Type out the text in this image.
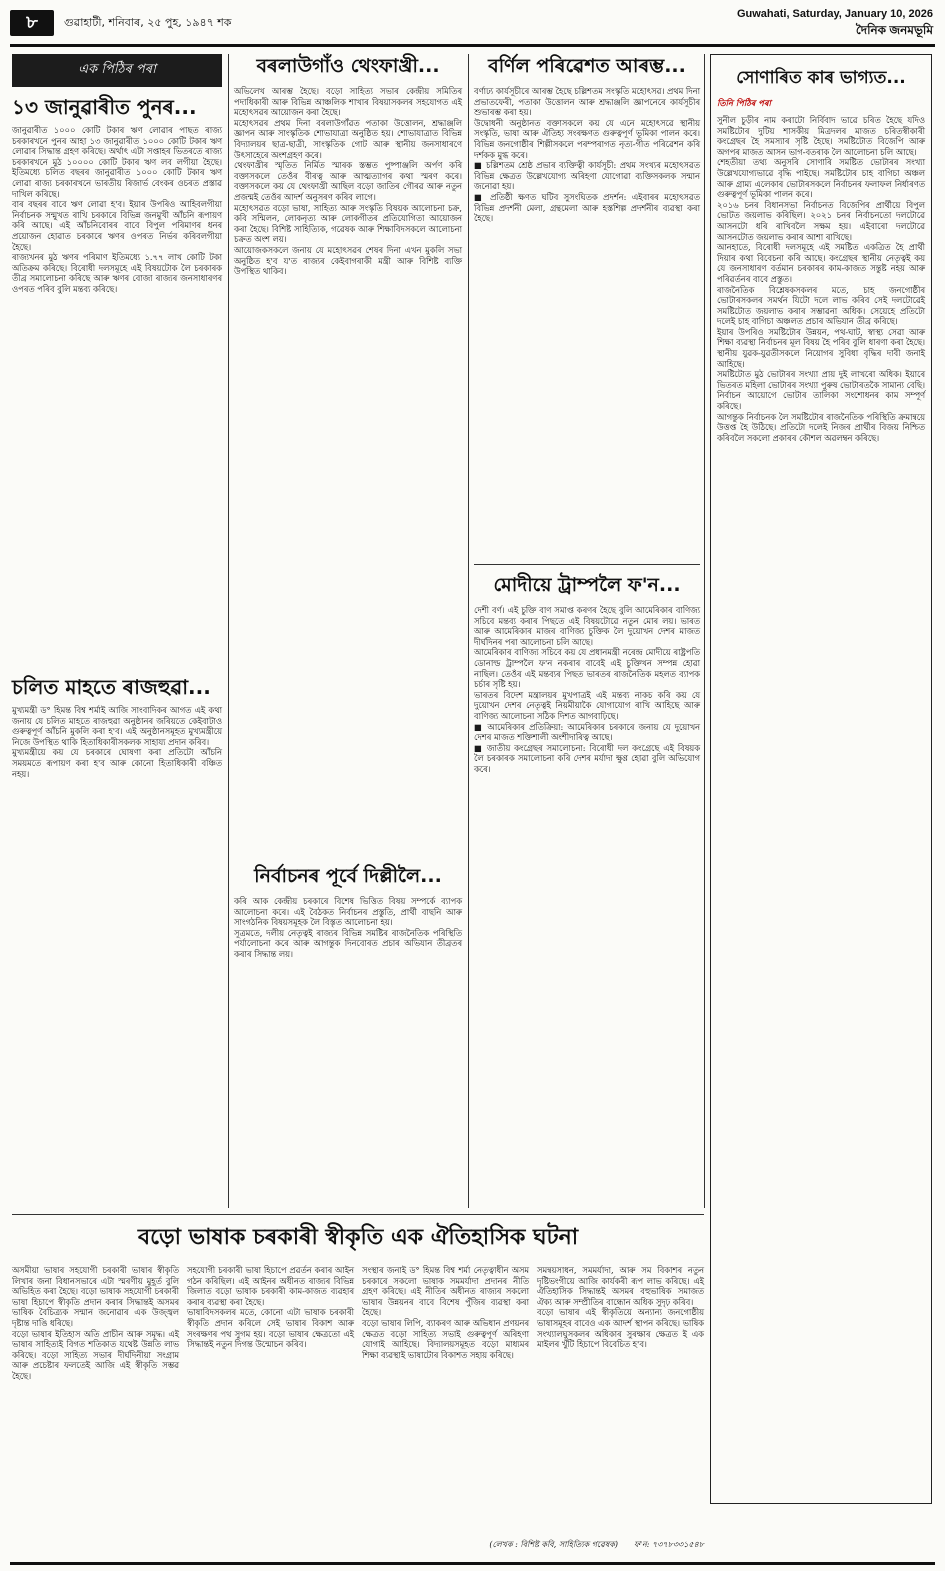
৮	গুৱাহাটী, শনিবাৰ, ২৫ পুহ, ১৯৪৭ শক
Guwahati, Saturday, January 10, 2026
দৈনিক জনমভূমি
এক পিঠিৰ পৰা
১৩ জানুৱাৰীত পুনৰ...
জানুৱাৰীত ১০০০ কোটি টকাৰ ঋণ লোৱাৰ পাছত ৰাজ্য চৰকাৰখনে পুনৰ আহা ১৩ জানুৱাৰীত ১০০০ কোটি টকাৰ ঋণ লোৱাৰ সিদ্ধান্ত গ্ৰহণ কৰিছে। অৰ্থাৎ এটা সপ্তাহৰ ভিতৰতে ৰাজ্য চৰকাৰখনে মুঠ ১০০০০ কোটি টকাৰ ঋণ লব লগীয়া হৈছে। ইতিমধ্যে চলিত বছৰৰ জানুৱাৰীত ১০০০ কোটি টকাৰ ঋণ লোৱা ৰাজ্য চৰকাৰখনে ভাৰতীয় ৰিজাৰ্ভ বেংকৰ ওচৰত প্ৰস্তাৱ দাখিল কৰিছে।
বাৰ বছৰৰ বাবে ঋণ লোৱা হ'ব। ইয়াৰ উপৰিও আহিবলগীয়া নিৰ্বাচনক সন্মুখত ৰাখি চৰকাৰে বিভিন্ন জনমুখী আঁচনি ৰূপায়ণ কৰি আছে। এই আঁচনিবোৰৰ বাবে বিপুল পৰিমাণৰ ধনৰ প্ৰয়োজন হোৱাত চৰকাৰে ঋণৰ ওপৰত নিৰ্ভৰ কৰিবলগীয়া হৈছে।
ৰাজ্যখনৰ মুঠ ঋণৰ পৰিমাণ ইতিমধ্যে ১.৭৭ লাখ কোটি টকা অতিক্ৰম কৰিছে। বিৰোধী দলসমূহে এই বিষয়টোক লৈ চৰকাৰক তীব্ৰ সমালোচনা কৰিছে আৰু ঋণৰ বোজা ৰাজ্যৰ জনসাধাৰণৰ ওপৰত পৰিব বুলি মন্তব্য কৰিছে।
চলিত মাহতে ৰাজহুৱা...
মুখ্যমন্ত্ৰী ড° হিমন্ত বিশ্ব শৰ্মাই আজি সাংবাদিকৰ আগত এই কথা জনায় যে চলিত মাহতে ৰাজহুৱা অনুষ্ঠানৰ জৰিয়তে কেইবাটাও গুৰুত্বপূৰ্ণ আঁচনি মুকলি কৰা হ'ব। এই অনুষ্ঠানসমূহত মুখ্যমন্ত্ৰীয়ে নিজে উপস্থিত থাকি হিতাধিকাৰীসকলক সাহায্য প্ৰদান কৰিব।
মুখ্যমন্ত্ৰীয়ে কয় যে চৰকাৰে ঘোষণা কৰা প্ৰতিটো আঁচনি সময়মতে ৰূপায়ণ কৰা হ'ব আৰু কোনো হিতাধিকাৰী বঞ্চিত নহয়।
বৰলাউগাঁও থেংফাখ্ৰী...
অভিলেখ আৰম্ভ হৈছে। বড়ো সাহিত্য সভাৰ কেন্দ্ৰীয় সমিতিৰ পদাধিকাৰী আৰু বিভিন্ন আঞ্চলিক শাখাৰ বিষয়াসকলৰ সহযোগত এই মহোৎসৱৰ আয়োজন কৰা হৈছে।
মহোৎসৱৰ প্ৰথম দিনা বৰলাউগাঁৱত পতাকা উত্তোলন, শ্ৰদ্ধাঞ্জলি জ্ঞাপন আৰু সাংস্কৃতিক শোভাযাত্ৰা অনুষ্ঠিত হয়। শোভাযাত্ৰাত বিভিন্ন বিদ্যালয়ৰ ছাত্ৰ-ছাত্ৰী, সাংস্কৃতিক গোট আৰু স্থানীয় জনসাধাৰণে উৎসাহেৰে অংশগ্ৰহণ কৰে।
থেংফাখ্ৰীৰ স্মৃতিত নিৰ্মিত স্মাৰক স্তম্ভত পুষ্পাঞ্জলি অৰ্পণ কৰি বক্তাসকলে তেওঁৰ বীৰত্ব আৰু আত্মত্যাগৰ কথা স্মৰণ কৰে। বক্তাসকলে কয় যে থেংফাখ্ৰী আছিল বড়ো জাতিৰ গৌৰৱ আৰু নতুন প্ৰজন্মই তেওঁৰ আদৰ্শ অনুসৰণ কৰিব লাগে।
মহোৎসৱত বড়ো ভাষা, সাহিত্য আৰু সংস্কৃতি বিষয়ক আলোচনা চক্ৰ, কবি সন্মিলন, লোকনৃত্য আৰু লোকগীতৰ প্ৰতিযোগিতা আয়োজন কৰা হৈছে। বিশিষ্ট সাহিত্যিক, গৱেষক আৰু শিক্ষাবিদসকলে আলোচনা চক্ৰত অংশ লয়।
আয়োজকসকলে জনায় যে মহোৎসৱৰ শেষৰ দিনা এখন মুকলি সভা অনুষ্ঠিত হ'ব য'ত ৰাজ্যৰ কেইবাগৰাকী মন্ত্ৰী আৰু বিশিষ্ট ব্যক্তি উপস্থিত থাকিব।
নিৰ্বাচনৰ পূৰ্বে দিল্লীলৈ...
কৰি আক কেন্দ্ৰীয় চৰকাৰে বিশেষ ভিত্তিত বিষয় সম্পৰ্কে ব্যাপক আলোচনা কৰে। এই বৈঠকত নিৰ্বাচনৰ প্ৰস্তুতি, প্ৰাৰ্থী বাছনি আৰু সাংগঠনিক বিষয়সমূহক লৈ বিস্তৃত আলোচনা হয়।
সূত্ৰমতে, দলীয় নেতৃত্বই ৰাজ্যৰ বিভিন্ন সমষ্টিৰ ৰাজনৈতিক পৰিস্থিতি পৰ্যালোচনা কৰে আৰু আগন্তুক দিনবোৰত প্ৰচাৰ অভিযান তীব্ৰতৰ কৰাৰ সিদ্ধান্ত লয়।
বৰ্ণিল পৰিৱেশত আৰম্ভ...
বৰ্ণাঢ্য কাৰ্যসূচীৰে আৰম্ভ হৈছে চল্লিশতম সংস্কৃতি মহোৎসৱ। প্ৰথম দিনা প্ৰভাতফেৰী, পতাকা উত্তোলন আৰু শ্ৰদ্ধাঞ্জলি জ্ঞাপনেৰে কাৰ্যসূচীৰ শুভাৰম্ভ কৰা হয়।
উদ্বোধনী অনুষ্ঠানত বক্তাসকলে কয় যে এনে মহোৎসৱে স্থানীয় সংস্কৃতি, ভাষা আৰু ঐতিহ্য সংৰক্ষণত গুৰুত্বপূৰ্ণ ভূমিকা পালন কৰে। বিভিন্ন জনগোষ্ঠীৰ শিল্পীসকলে পৰম্পৰাগত নৃত্য-গীত পৰিৱেশন কৰি দৰ্শকক মুগ্ধ কৰে।
■ চল্লিশতম শ্ৰেষ্ঠ প্ৰভাৰ ব্যক্তিত্বী কাৰ্যসূচী: প্ৰথম সংখ্যৰ মহোৎসৱত বিভিন্ন ক্ষেত্ৰত উল্লেখযোগ্য অৰিহণা যোগোৱা ব্যক্তিসকলক সন্মান জনোৱা হয়।
■ প্ৰতিষ্ঠী ক্ষণত ঘটিব সুসংঘিতক প্ৰদৰ্শন: এইবাৰৰ মহোৎসৱত বিভিন্ন প্ৰদৰ্শনী মেলা, গ্ৰন্থমেলা আৰু হস্তশিল্প প্ৰদৰ্শনীৰ ব্যৱস্থা কৰা হৈছে।
মোদীয়ে ট্ৰাম্পলৈ ফ'ন...
দেশী বৰ্ণ। এই চুক্তি বাণ সমাপ্ত কৰণৰ হৈছে বুলি আমেৰিকাৰ বাণিজ্য সচিবে মন্তব্য কৰাৰ পিছতে এই বিষয়টোৱে নতুন মোৰ লয়। ভাৰত আৰু আমেৰিকাৰ মাজৰ বাণিজ্য চুক্তিক লৈ দুয়োখন দেশৰ মাজত দীৰ্ঘদিনৰ পৰা আলোচনা চলি আছে।
আমেৰিকাৰ বাণিজ্য সচিবে কয় যে প্ৰধানমন্ত্ৰী নৰেন্দ্ৰ মোদীয়ে ৰাষ্ট্ৰপতি ডোনাল্ড ট্ৰাম্পলৈ ফ'ন নকৰাৰ বাবেই এই চুক্তিখন সম্পন্ন হোৱা নাছিল। তেওঁৰ এই মন্তব্যৰ পিছত ভাৰতৰ ৰাজনৈতিক মহলত ব্যাপক চৰ্চাৰ সৃষ্টি হয়।
ভাৰতৰ বিদেশ মন্ত্ৰালয়ৰ মুখপাত্ৰই এই মন্তব্য নাকচ কৰি কয় যে দুয়োখন দেশৰ নেতৃত্বই নিয়মীয়াকৈ যোগাযোগ ৰাখি আহিছে আৰু বাণিজ্য আলোচনা সঠিক দিশত আগবাঢ়িছে।
■ আমেৰিকাৰ প্ৰতিক্ৰিয়া: আমেৰিকাৰ চৰকাৰে জনায় যে দুয়োখন দেশৰ মাজত শক্তিশালী অংশীদাৰিত্ব আছে।
■ জাতীয় কংগ্ৰেছৰ সমালোচনা: বিৰোধী দল কংগ্ৰেছে এই বিষয়ক লৈ চৰকাৰক সমালোচনা কৰি দেশৰ মৰ্যাদা ক্ষুণ্ণ হোৱা বুলি অভিযোগ কৰে।
সোণাৰিত কাৰ ভাগ্যত...
তিনি পিঠিৰ পৰা
সুনীল চুড়ীৰ নাম কৰাটো নিৰ্বিবাদ ভাৱে চৰিত হৈছে যদিও সমষ্টিটোৰ দুটিয় শাসকীয় মিত্ৰদলৰ মাজত চৰিতস্বীকাৰী কংগ্ৰেছৰ হৈ সমস্যাৰ সৃষ্টি হৈছে। সমষ্টিটোত বিজেপি আৰু অগপৰ মাজত আসন ভাগ-বতৰাক লৈ আলোচনা চলি আছে।
শেহতীয়া তথ্য অনুসৰি সোণাৰি সমষ্টিত ভোটাৰৰ সংখ্যা উল্লেখযোগ্যভাৱে বৃদ্ধি পাইছে। সমষ্টিটোৰ চাহ বাগিচা অঞ্চল আৰু গ্ৰাম্য এলেকাৰ ভোটাৰসকলে নিৰ্বাচনৰ ফলাফল নিৰ্ধাৰণত গুৰুত্বপূৰ্ণ ভূমিকা পালন কৰে।
২০১৬ চনৰ বিধানসভা নিৰ্বাচনত বিজেপিৰ প্ৰাৰ্থীয়ে বিপুল ভোটত জয়লাভ কৰিছিল। ২০২১ চনৰ নিৰ্বাচনতো দলটোৱে আসনটো ধৰি ৰাখিবলৈ সক্ষম হয়। এইবাৰো দলটোৱে আসনটোত জয়লাভ কৰাৰ আশা ৰাখিছে।
আনহাতে, বিৰোধী দলসমূহে এই সমষ্টিত একত্ৰিত হৈ প্ৰাৰ্থী দিয়াৰ কথা বিবেচনা কৰি আছে। কংগ্ৰেছৰ স্থানীয় নেতৃত্বই কয় যে জনসাধাৰণ বৰ্তমান চৰকাৰৰ কাম-কাজত সন্তুষ্ট নহয় আৰু পৰিৱৰ্তনৰ বাবে প্ৰস্তুত।
ৰাজনৈতিক বিশ্লেষকসকলৰ মতে, চাহ জনগোষ্ঠীৰ ভোটাৰসকলৰ সমৰ্থন যিটো দলে লাভ কৰিব সেই দলটোৱেই সমষ্টিটোত জয়লাভ কৰাৰ সম্ভাৱনা অধিক। সেয়েহে প্ৰতিটো দলেই চাহ বাগিচা অঞ্চলত প্ৰচাৰ অভিযান তীব্ৰ কৰিছে।
ইয়াৰ উপৰিও সমষ্টিটোৰ উন্নয়ন, পথ-ঘাট, স্বাস্থ্য সেৱা আৰু শিক্ষা ব্যৱস্থা নিৰ্বাচনৰ মূল বিষয় হৈ পৰিব বুলি ধাৰণা কৰা হৈছে। স্থানীয় যুৱক-যুৱতীসকলে নিয়োগৰ সুবিধা বৃদ্ধিৰ দাবী জনাই আহিছে।
সমষ্টিটোত মুঠ ভোটাৰৰ সংখ্যা প্ৰায় দুই লাখৰো অধিক। ইয়াৰে ভিতৰত মহিলা ভোটাৰৰ সংখ্যা পুৰুষ ভোটাৰতকৈ সামান্য বেছি। নিৰ্বাচন আয়োগে ভোটাৰ তালিকা সংশোধনৰ কাম সম্পূৰ্ণ কৰিছে।
আগন্তুক নিৰ্বাচনক লৈ সমষ্টিটোৰ ৰাজনৈতিক পৰিস্থিতি ক্ৰমান্বয়ে উত্তপ্ত হৈ উঠিছে। প্ৰতিটো দলেই নিজৰ প্ৰাৰ্থীৰ বিজয় নিশ্চিত কৰিবলৈ সকলো প্ৰকাৰৰ কৌশল অৱলম্বন কৰিছে।
বড়ো ভাষাক চৰকাৰী স্বীকৃতি এক ঐতিহাসিক ঘটনা
অসমীয়া ভাষাৰ সহযোগী চৰকাৰী ভাষাৰ স্বীকৃতি লিখাৰ জনা বিধানসভাৰে এটা স্মৰণীয় মুহূৰ্ত বুলি অভিহিত কৰা হৈছে। বড়ো ভাষাক সহযোগী চৰকাৰী ভাষা হিচাপে স্বীকৃতি প্ৰদান কৰাৰ সিদ্ধান্তই অসমৰ ভাষিক বৈচিত্ৰ্যক সন্মান জনোৱাৰ এক উজ্জ্বল দৃষ্টান্ত দাঙি ধৰিছে।
বড়ো ভাষাৰ ইতিহাস অতি প্ৰাচীন আৰু সমৃদ্ধ। এই ভাষাৰ সাহিত্যই বিগত শতিকাত যথেষ্ট উন্নতি লাভ কৰিছে। বড়ো সাহিত্য সভাৰ দীৰ্ঘদিনীয়া সংগ্ৰাম আৰু প্ৰচেষ্টাৰ ফলতেই আজি এই স্বীকৃতি সম্ভৱ হৈছে।
সহযোগী চৰকাৰী ভাষা হিচাপে প্ৰৱৰ্তন কৰাৰ আইন গঠন কৰিছিল। এই আইনৰ অধীনত ৰাজ্যৰ বিভিন্ন জিলাত বড়ো ভাষাক চৰকাৰী কাম-কাজত ব্যৱহাৰ কৰাৰ ব্যৱস্থা কৰা হৈছে।
ভাষাবিদসকলৰ মতে, কোনো এটা ভাষাক চৰকাৰী স্বীকৃতি প্ৰদান কৰিলে সেই ভাষাৰ বিকাশ আৰু সংৰক্ষণৰ পথ সুগম হয়। বড়ো ভাষাৰ ক্ষেত্ৰতো এই সিদ্ধান্তই নতুন দিগন্ত উন্মোচন কৰিব।
সংস্থাৰ জনাই ড° হিমন্ত বিশ্ব শৰ্মা নেতৃত্বাধীন অসম চৰকাৰে সকলো ভাষাক সমমৰ্যাদা প্ৰদানৰ নীতি গ্ৰহণ কৰিছে। এই নীতিৰ অধীনত ৰাজ্যৰ সকলো ভাষাৰ উন্নয়নৰ বাবে বিশেষ পুঁজিৰ ব্যৱস্থা কৰা হৈছে।
বড়ো ভাষাৰ লিপি, ব্যাকৰণ আৰু অভিধান প্ৰণয়নৰ ক্ষেত্ৰত বড়ো সাহিত্য সভাই গুৰুত্বপূৰ্ণ অৰিহণা যোগাই আহিছে। বিদ্যালয়সমূহত বড়ো মাধ্যমৰ শিক্ষা ব্যৱস্থাই ভাষাটোৰ বিকাশত সহায় কৰিছে।
সমন্বয়সাধন, সমমৰ্যাদা, আৰু সম বিকাশৰ নতুন দৃষ্টিভংগীয়ে আজি কাৰ্যকৰী ৰূপ লাভ কৰিছে। এই ঐতিহাসিক সিদ্ধান্তই অসমৰ বহুভাষিক সমাজত ঐক্য আৰু সম্প্ৰীতিৰ বান্ধোন অধিক সুদৃঢ় কৰিব।
বড়ো ভাষাৰ এই স্বীকৃতিয়ে অন্যান্য জনগোষ্ঠীয় ভাষাসমূহৰ বাবেও এক আদৰ্শ স্থাপন কৰিছে। ভাষিক সংখ্যালঘুসকলৰ অধিকাৰ সুৰক্ষাৰ ক্ষেত্ৰত ই এক মাইলৰ খুঁটি হিচাপে বিবেচিত হ'ব।
(লেখক : বিশিষ্ট কবি, সাহিত্যিক গৱেষক) ফ'ন: ৭৩৭৮৩৩১৫৪৮
